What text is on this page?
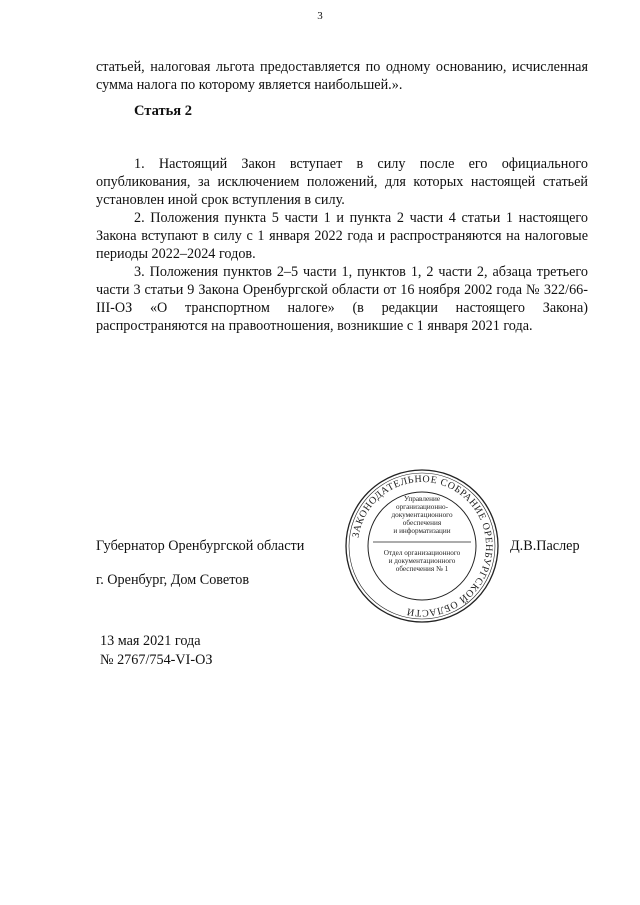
3
статьей, налоговая льгота предоставляется по одному основанию, исчисленная сумма налога по которому является наибольшей.».
Статья 2
1. Настоящий Закон вступает в силу после его официального опубликования, за исключением положений, для которых настоящей статьей установлен иной срок вступления в силу.
2. Положения пункта 5 части 1 и пункта 2 части 4 статьи 1 настоящего Закона вступают в силу с 1 января 2022 года и распространяются на налоговые периоды 2022–2024 годов.
3. Положения пунктов 2–5 части 1, пунктов 1, 2 части 2, абзаца третьего части 3 статьи 9 Закона Оренбургской области от 16 ноября 2002 года № 322/66-III-ОЗ «О транспортном налоге» (в редакции настоящего Закона) распространяются на правоотношения, возникшие с 1 января 2021 года.
Губернатор Оренбургской области	Д.В.Паслер
г. Оренбург, Дом Советов
13 мая 2021 года
№ 2767/754-VI-ОЗ
ЗАКОНОДАТЕЛЬНОЕ СОБРАНИЕ ОРЕНБУРГСКОЙ ОБЛАСТИ
Управление
организационно-
документационного
обеспечения
и информатизации
Отдел организационного
и документационного
обеспечения № 1
